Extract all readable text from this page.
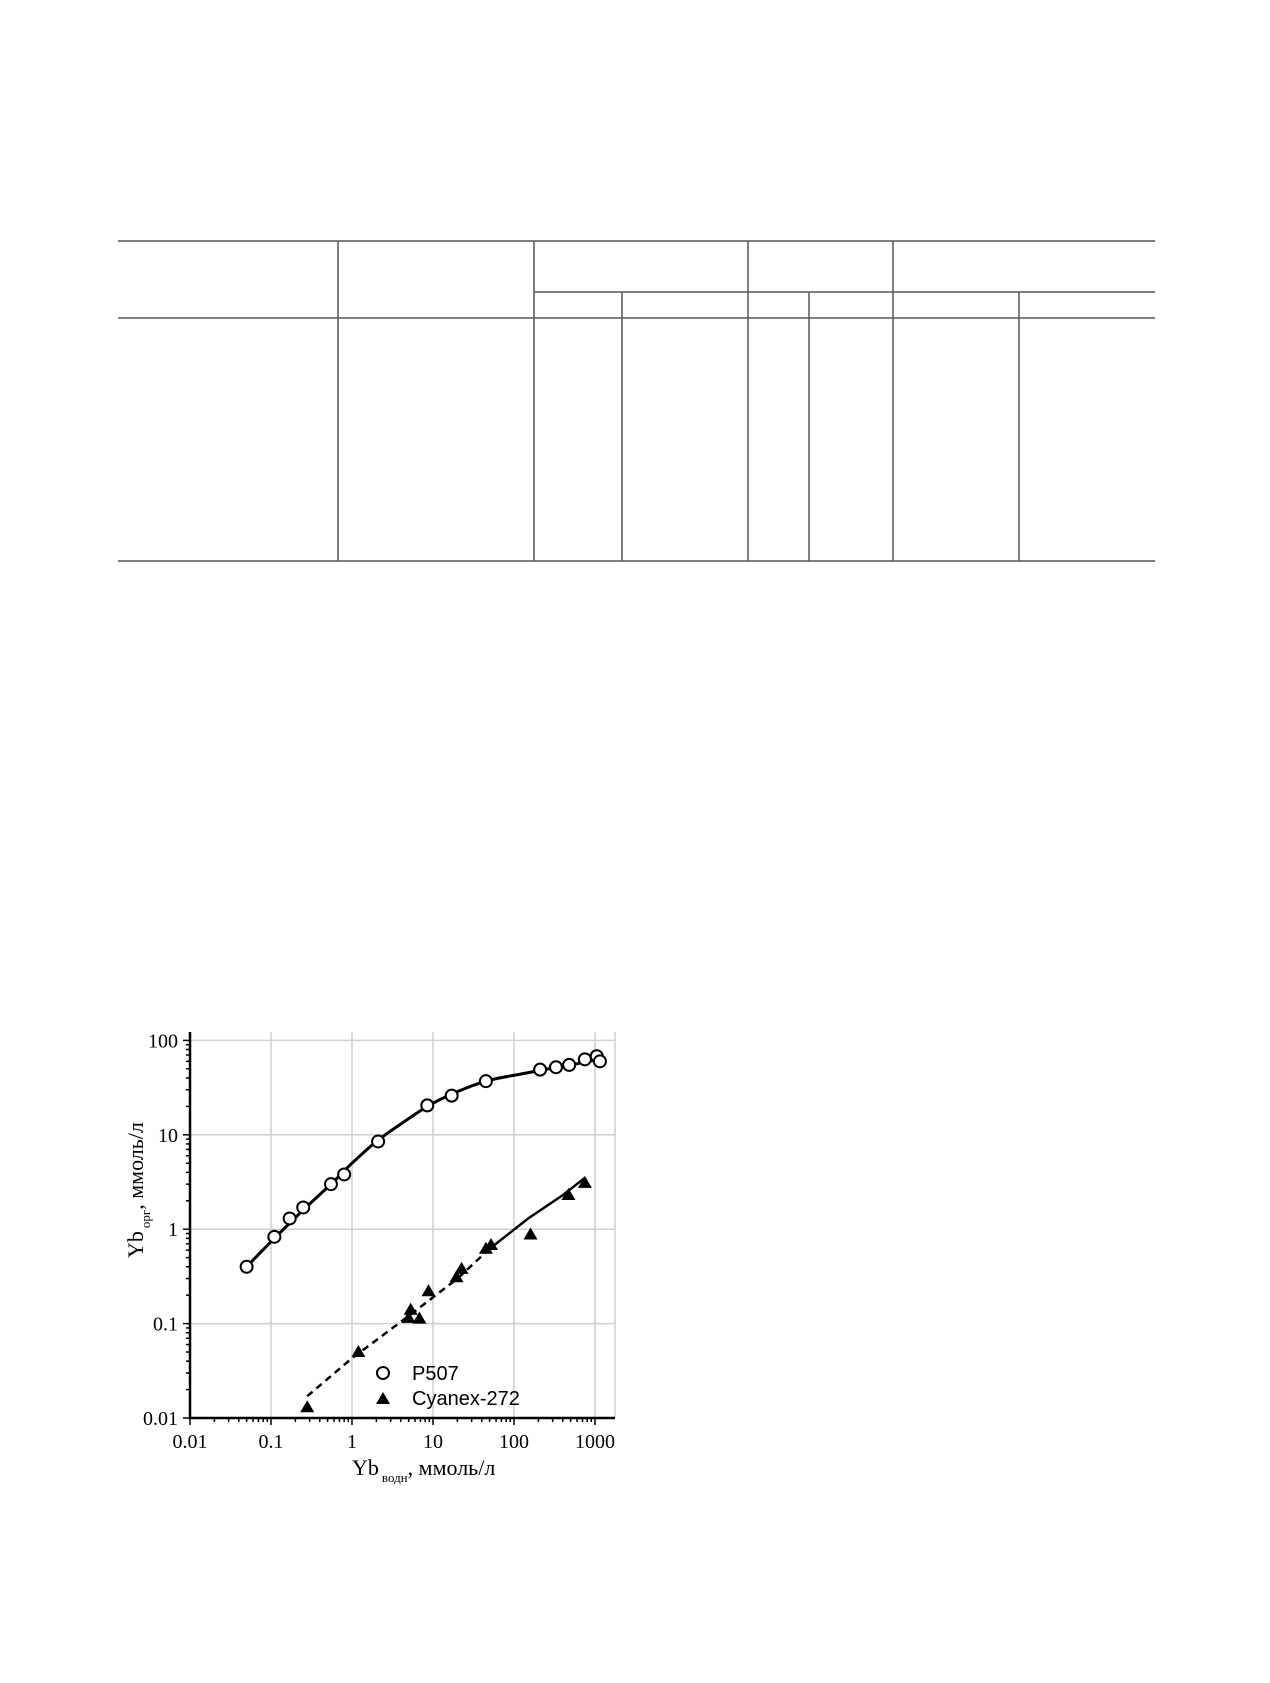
0.01	0.1	1	10	100 1000
0.01
0.1
1
10
100
P507
Cyanex-272
Yb $_{водн}$, ммоль/л
$Yb_{орг}$, ммоль/л
